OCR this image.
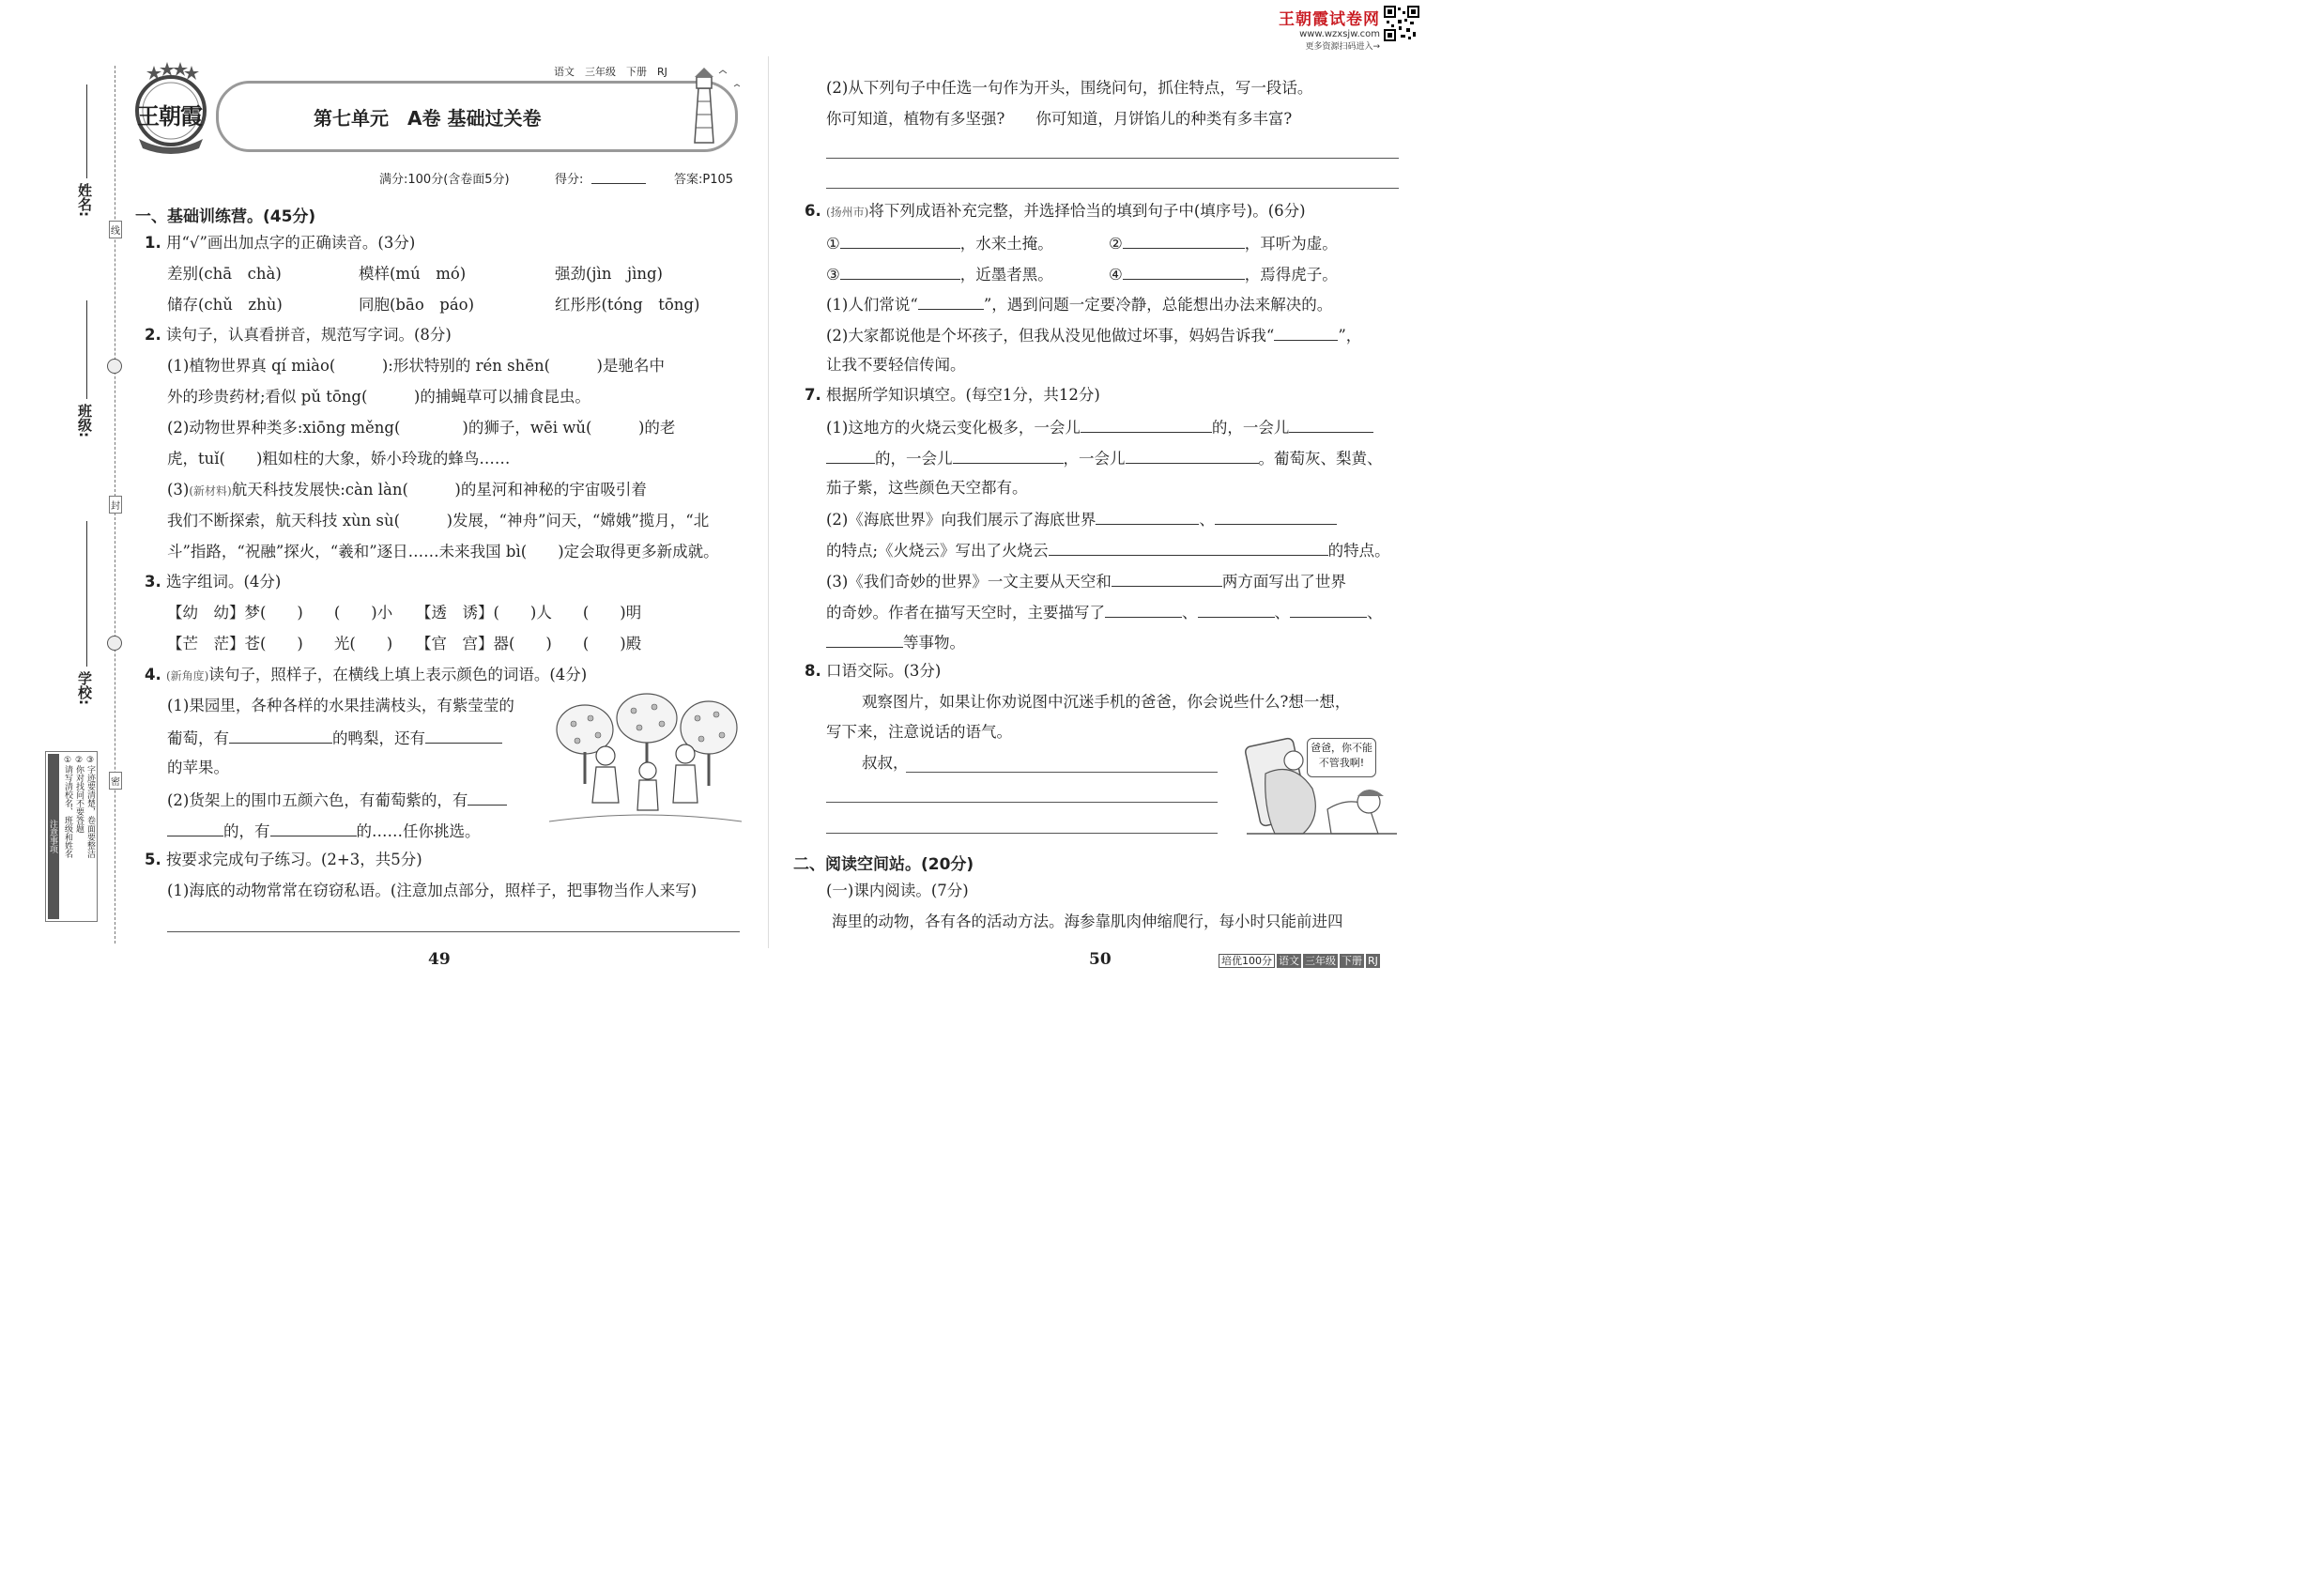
王朝霞试卷网
www.wzxsjw.com
更多资源扫码进入→
姓名:
班级:
学校:
线
封
密
注意事项 ①请写清校名、班级和姓名 ②你对找问不要答题 ③字迹要清楚，卷面要整洁
王朝霞
语文　三年级　下册　RJ
第七单元　A卷 基础过关卷
满分:100分(含卷面5分)	得分:	答案:P105
一、基础训练营。(45分)
1. 用“√”画出加点字的正确读音。(3分)
差别(chā　chà)	模样(mú　mó)	强劲(jìn　jìng)
储存(chǔ　zhù)	同胞(bāo　páo)	红彤彤(tóng　tōng)
2. 读句子，认真看拼音，规范写字词。(8分)
(1)植物世界真 qí miào(　　　):形状特别的 rén shēn(　　　)是驰名中
外的珍贵药材;看似 pǔ tōng(　　　)的捕蝇草可以捕食昆虫。
(2)动物世界种类多:xiōng měng(　　　　)的狮子，wēi wǔ(　　　)的老
虎，tuǐ(　　)粗如柱的大象，娇小玲珑的蜂鸟……
(3)(新材料)航天科技发展快:càn làn(　　　)的星河和神秘的宇宙吸引着
我们不断探索，航天科技 xùn sù(　　　)发展，“神舟”问天，“嫦娥”揽月，“北
斗”指路，“祝融”探火，“羲和”逐日……未来我国 bì(　　)定会取得更多新成就。
3. 选字组词。(4分)
【幼　幼】梦(　　)　　(　　)小　　【透　诱】(　　)人　　(　　)明
【芒　茫】苍(　　)　　光(　　)　　【官　宫】器(　　)　　(　　)殿
4. (新角度)读句子，照样子，在横线上填上表示颜色的词语。(4分)
(1)果园里，各种各样的水果挂满枝头，有紫莹莹的
葡萄，有	的鸭梨，还有
的苹果。
(2)货架上的围巾五颜六色，有葡萄紫的，有
的，有	的……任你挑选。
5. 按要求完成句子练习。(2+3，共5分)
(1)海底的动物常常在窃窃私语。(注意加点部分，照样子，把事物当作人来写)
49
(2)从下列句子中任选一句作为开头，围绕问句，抓住特点，写一段话。
你可知道，植物有多坚强?　　你可知道，月饼馅儿的种类有多丰富?
6. (扬州市)将下列成语补充完整，并选择恰当的填到句子中(填序号)。(6分)
①	，水来土掩。	②	，耳听为虚。
③	，近墨者黑。	④	，焉得虎子。
(1)人们常说“	”，遇到问题一定要冷静，总能想出办法来解决的。
(2)大家都说他是个坏孩子，但我从没见他做过坏事，妈妈告诉我“	”，
让我不要轻信传闻。
7. 根据所学知识填空。(每空1分，共12分)
(1)这地方的火烧云变化极多，一会儿	的，一会儿
的，一会儿	，一会儿	。葡萄灰、梨黄、
茄子紫，这些颜色天空都有。
(2)《海底世界》向我们展示了海底世界	、
的特点;《火烧云》写出了火烧云	的特点。
(3)《我们奇妙的世界》一文主要从天空和	两方面写出了世界
的奇妙。作者在描写天空时，主要描写了	、	、	、
等事物。
8. 口语交际。(3分)
观察图片，如果让你劝说图中沉迷手机的爸爸，你会说些什么?想一想，
写下来，注意说话的语气。
叔叔，
爸爸，你不能不管我啊!
二、阅读空间站。(20分)
(一)课内阅读。(7分)
海里的动物，各有各的活动方法。海参靠肌肉伸缩爬行，每小时只能前进四
50	培优100分 语文 三年级 下册 RJ
